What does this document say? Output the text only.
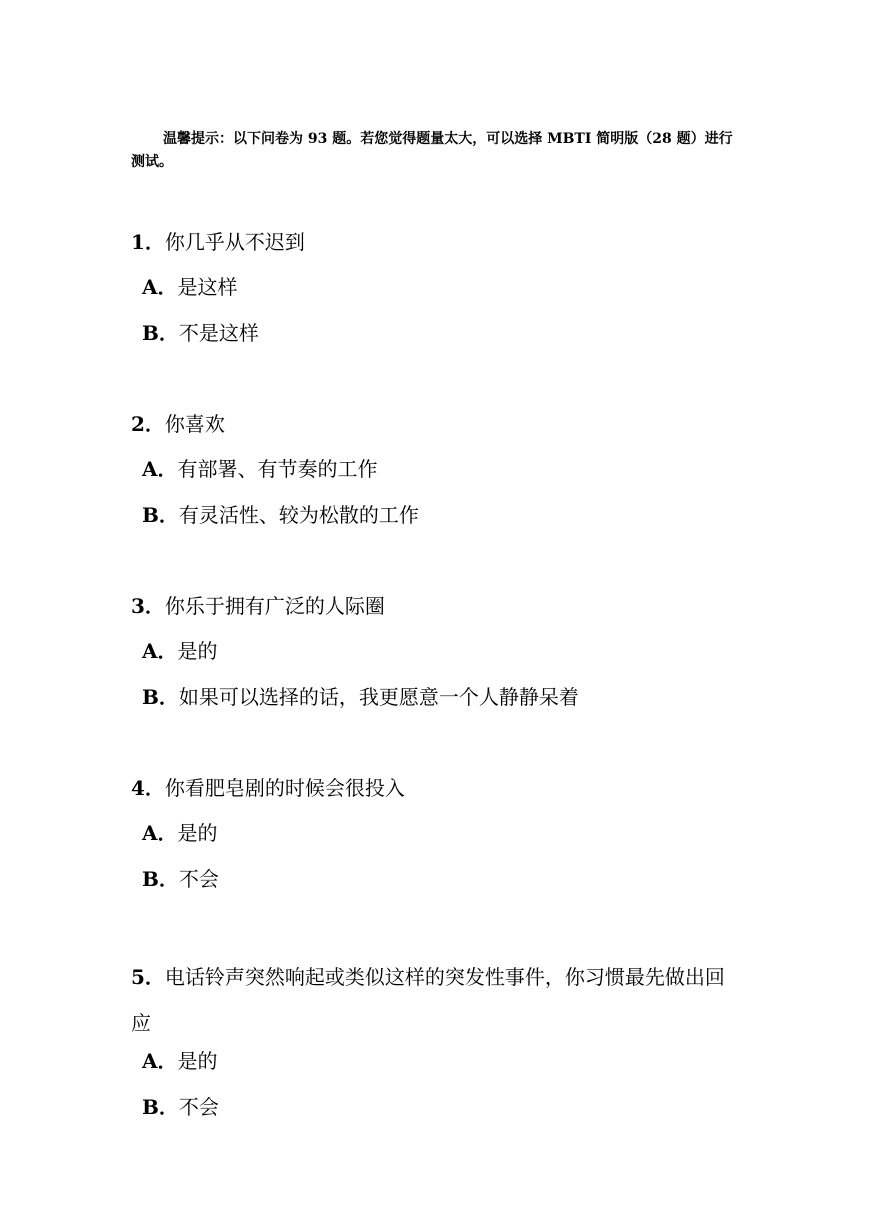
温馨提示：以下问卷为 93 题。若您觉得题量太大，可以选择 MBTI 简明版（28 题）进行测试。

1．你几乎从不迟到

A．是这样

B．不是这样

2．你喜欢

A．有部署、有节奏的工作

B．有灵活性、较为松散的工作

3．你乐于拥有广泛的人际圈

A．是的

B．如果可以选择的话，我更愿意一个人静静呆着

4．你看肥皂剧的时候会很投入

A．是的

B．不会

5．电话铃声突然响起或类似这样的突发性事件，你习惯最先做出回应

A．是的

B．不会
